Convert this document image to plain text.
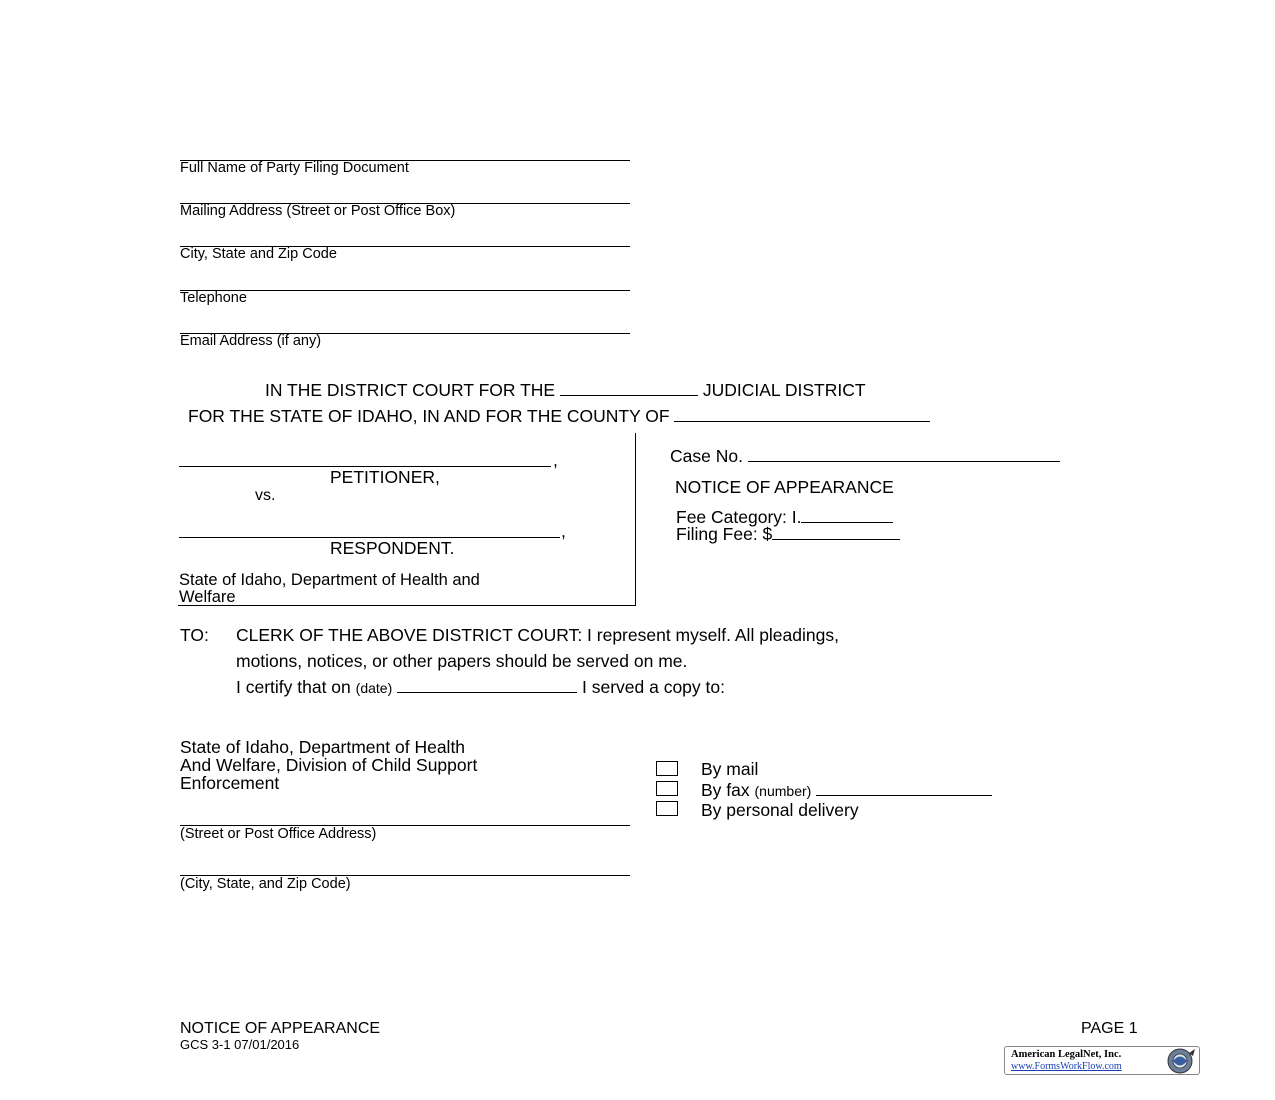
Full Name of Party Filing Document
Mailing Address (Street or Post Office Box)
City, State and Zip Code
Telephone
Email Address (if any)
IN THE DISTRICT COURT FOR THE	JUDICIAL DISTRICT
FOR THE STATE OF IDAHO, IN AND FOR THE COUNTY OF
,
PETITIONER,
vs.
,
RESPONDENT.
State of Idaho, Department of Health and
Welfare
Case No.
NOTICE OF APPEARANCE
Fee Category: I.
Filing Fee: $
TO: CLERK OF THE ABOVE DISTRICT COURT: I represent myself. All pleadings,
motions, notices, or other papers should be served on me.
I certify that on (date)	I served a copy to:
State of Idaho, Department of Health
And Welfare, Division of Child Support
Enforcement
(Street or Post Office Address)
(City, State, and Zip Code)
By mail
By fax (number)
By personal delivery
NOTICE OF APPEARANCE
GCS 3-1 07/01/2016
PAGE 1
American LegalNet, Inc.
www.FormsWorkFlow.com
